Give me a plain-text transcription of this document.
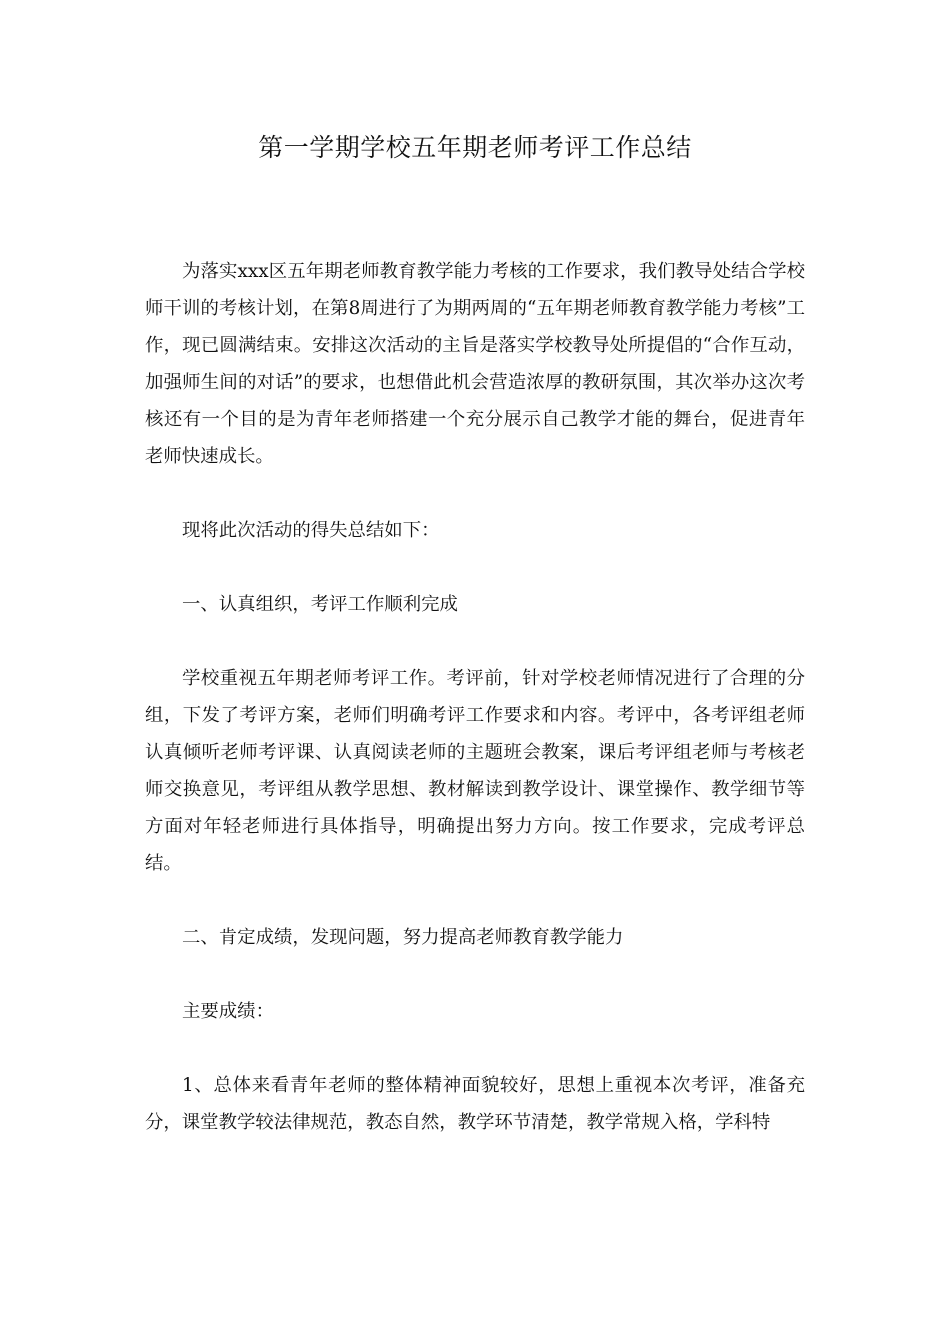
第一学期学校五年期老师考评工作总结

为落实xxx区五年期老师教育教学能力考核的工作要求，我们教导处结合学校师干训的考核计划，在第8周进行了为期两周的“五年期老师教育教学能力考核”工作，现已圆满结束。安排这次活动的主旨是落实学校教导处所提倡的“合作互动，加强师生间的对话”的要求，也想借此机会营造浓厚的教研氛围，其次举办这次考核还有一个目的是为青年老师搭建一个充分展示自己教学才能的舞台，促进青年老师快速成长。

现将此次活动的得失总结如下：

一、认真组织，考评工作顺利完成

学校重视五年期老师考评工作。考评前，针对学校老师情况进行了合理的分组，下发了考评方案，老师们明确考评工作要求和内容。考评中，各考评组老师认真倾听老师考评课、认真阅读老师的主题班会教案，课后考评组老师与考核老师交换意见，考评组从教学思想、教材解读到教学设计、课堂操作、教学细节等方面对年轻老师进行具体指导，明确提出努力方向。按工作要求，完成考评总结。

二、肯定成绩，发现问题，努力提高老师教育教学能力

主要成绩：

1、总体来看青年老师的整体精神面貌较好，思想上重视本次考评，准备充分，课堂教学较法律规范，教态自然，教学环节清楚，教学常规入格，学科特
